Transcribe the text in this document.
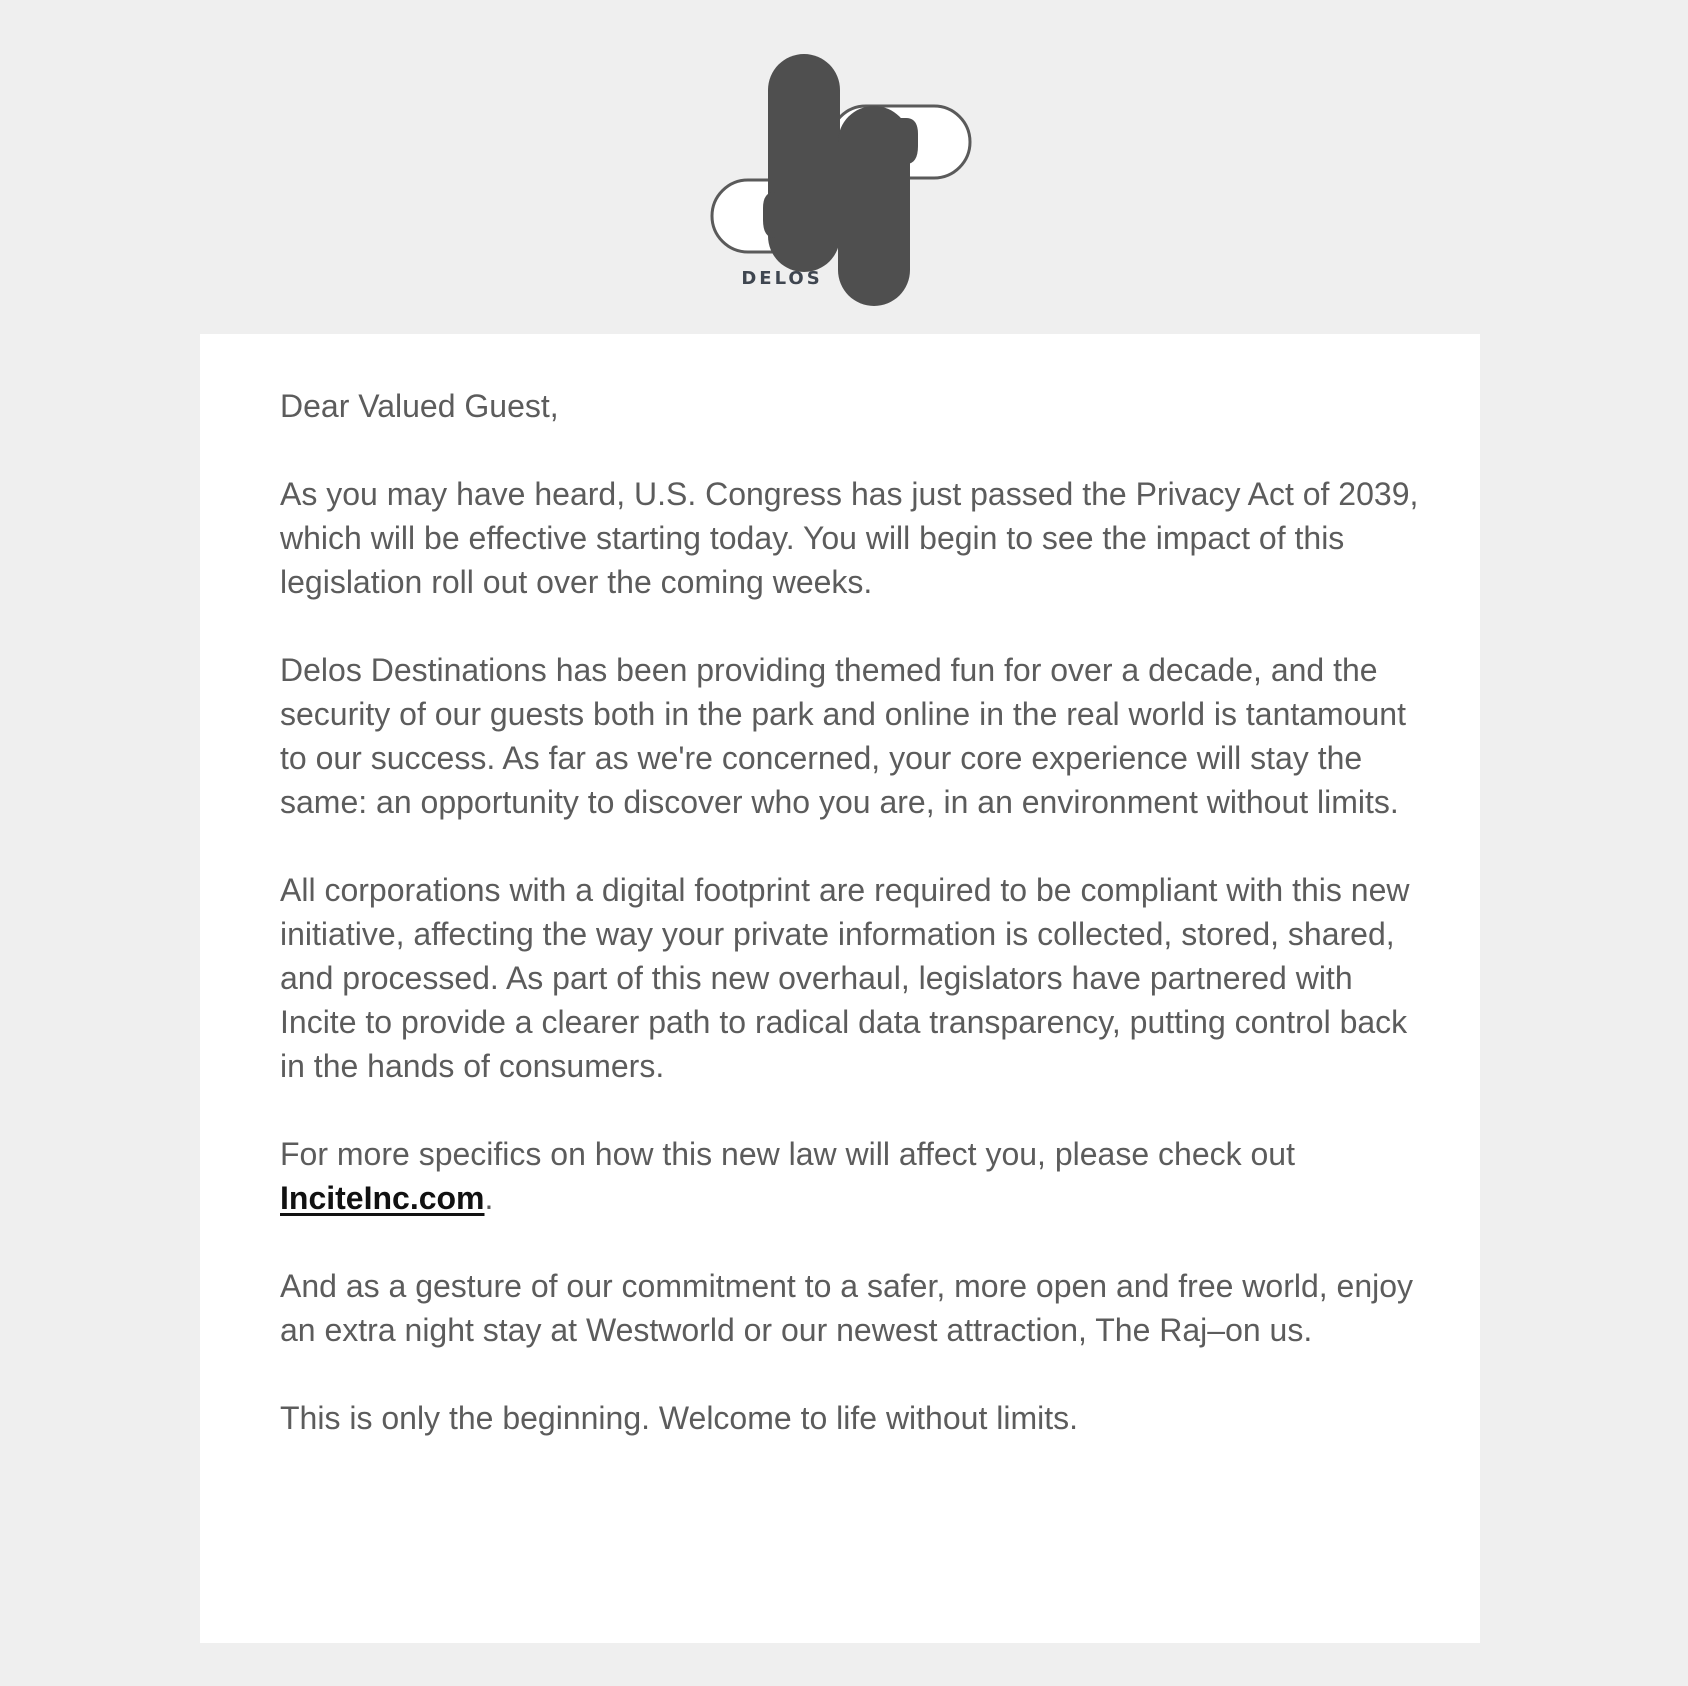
DELOS

Dear Valued Guest,

As you may have heard, U.S. Congress has just passed the Privacy Act of 2039, which will be effective starting today. You will begin to see the impact of this legislation roll out over the coming weeks.

Delos Destinations has been providing themed fun for over a decade, and the security of our guests both in the park and online in the real world is tantamount to our success. As far as we're concerned, your core experience will stay the same: an opportunity to discover who you are, in an environment without limits.

All corporations with a digital footprint are required to be compliant with this new initiative, affecting the way your private information is collected, stored, shared, and processed. As part of this new overhaul, legislators have partnered with Incite to provide a clearer path to radical data transparency, putting control back in the hands of consumers.

For more specifics on how this new law will affect you, please check out InciteInc.com.

And as a gesture of our commitment to a safer, more open and free world, enjoy an extra night stay at Westworld or our newest attraction, The Raj–on us.

This is only the beginning. Welcome to life without limits.
